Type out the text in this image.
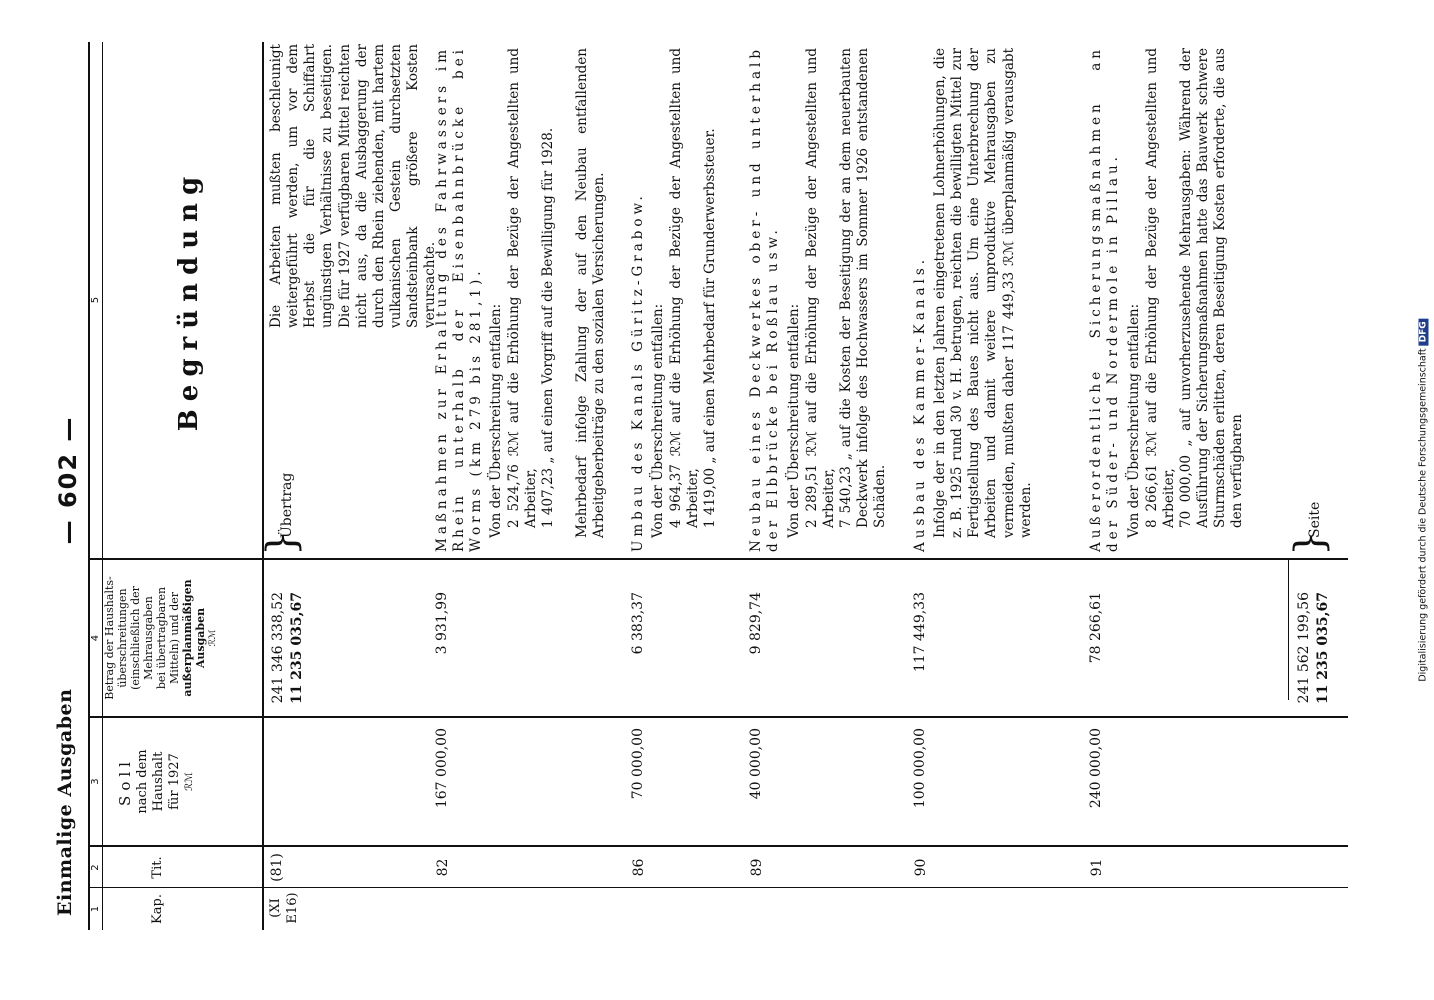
Einmalige Ausgaben
— 602 —
1
2
3
4
5
Kap.
Tit.
Soll nach dem Haushalt für 1927 ℛℳ
Betrag der Haushalts- überschreitungen (einschließlich der Mehrausgaben bei übertragbaren Mitteln) und der außerplanmäßigen Ausgaben ℛℳ
Begründung
(XI E16)
(81)
241 346 338,52 11 235 035,67
}
Übertrag
Die Arbeiten mußten beschleunigt weitergeführt werden, um vor dem Herbst die für die Schiffahrt ungünstigen Verhältnisse zu beseitigen. Die für 1927 verfügbaren Mittel reichten nicht aus, da die Ausbaggerung der durch den Rhein ziehenden, mit hartem vulkanischen Gestein durchsetzten Sandsteinbank größere Kosten verursachte.
82
167 000,00
3 931,99
Maßnahmen zur Erhaltung des Fahrwassers im Rhein unterhalb der Eisenbahnbrücke bei Worms (km 279 bis 281,1). Von der Überschreitung entfallen: 2 524,76 ℛℳ auf die Erhöhung der Bezüge der Angestellten und Arbeiter, 1 407,23 „ auf einen Vorgriff auf die Bewilligung für 1928. Mehrbedarf infolge Zahlung der auf den Neubau entfallenden Arbeitgeberbeiträge zu den sozialen Versicherungen.
86
70 000,00
6 383,37
Umbau des Kanals Güritz-Grabow. Von der Überschreitung entfallen: 4 964,37 ℛℳ auf die Erhöhung der Bezüge der Angestellten und Arbeiter, 1 419,00 „ auf einen Mehrbedarf für Grunderwerbssteuer.
89
40 000,00
9 829,74
Neubau eines Deckwerkes ober- und unterhalb der Elbbrücke bei Roßlau usw. Von der Überschreitung entfallen: 2 289,51 ℛℳ auf die Erhöhung der Bezüge der Angestellten und Arbeiter, 7 540,23 „ auf die Kosten der Beseitigung der an dem neuerbauten Deckwerk infolge des Hochwassers im Sommer 1926 entstandenen Schäden.
90
100 000,00
117 449,33
Ausbau des Kammer-Kanals. Infolge der in den letzten Jahren eingetretenen Lohnerhöhungen, die z. B. 1925 rund 30 v. H. betrugen, reichten die bewilligten Mittel zur Fertigstellung des Baues nicht aus. Um eine Unterbrechung der Arbeiten und damit weitere unproduktive Mehrausgaben zu vermeiden, mußten daher 117 449,33 ℛℳ überplanmäßig verausgabt werden.
91
240 000,00
78 266,61
Außerordentliche Sicherungsmaßnahmen an der Süder- und Nordermole in Pillau. Von der Überschreitung entfallen: 8 266,61 ℛℳ auf die Erhöhung der Bezüge der Angestellten und Arbeiter, 70 000,00 „ auf unvorherzusehende Mehrausgaben: Während der Ausführung der Sicherungsmaßnahmen hatte das Bauwerk schwere Sturmschäden erlitten, deren Beseitigung Kosten erforderte, die aus den verfügbaren
241 562 199,56 11 235 035,67
}
Seite	Digitalisierung gefördert durch die Deutsche ForschungsgemeinschaftDFG
